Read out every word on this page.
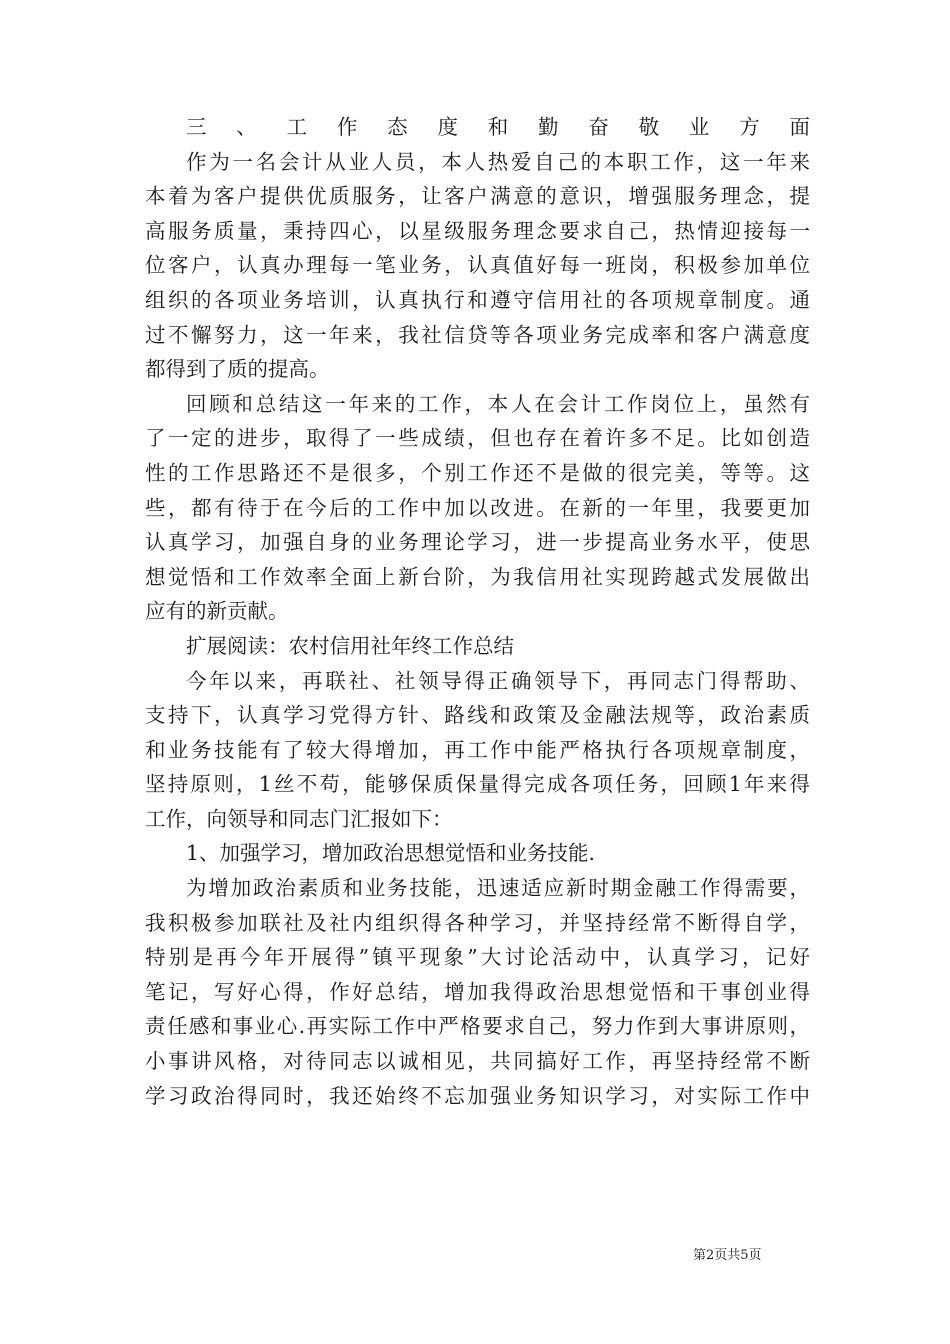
三、工作态度和勤奋敬业方面
作为一名会计从业人员，本人热爱自己的本职工作，这一年来
本着为客户提供优质服务，让客户满意的意识，增强服务理念，提
高服务质量，秉持四心，以星级服务理念要求自己，热情迎接每一
位客户，认真办理每一笔业务，认真值好每一班岗，积极参加单位
组织的各项业务培训，认真执行和遵守信用社的各项规章制度。通
过不懈努力，这一年来，我社信贷等各项业务完成率和客户满意度
都得到了质的提高。
回顾和总结这一年来的工作，本人在会计工作岗位上，虽然有
了一定的进步，取得了一些成绩，但也存在着许多不足。比如创造
性的工作思路还不是很多，个别工作还不是做的很完美，等等。这
些，都有待于在今后的工作中加以改进。在新的一年里，我要更加
认真学习，加强自身的业务理论学习，进一步提高业务水平，使思
想觉悟和工作效率全面上新台阶，为我信用社实现跨越式发展做出
应有的新贡献。
扩展阅读：农村信用社年终工作总结
今年以来，再联社、社领导得正确领导下，再同志门得帮助、
支持下，认真学习党得方针、路线和政策及金融法规等，政治素质
和业务技能有了较大得增加，再工作中能严格执行各项规章制度，
坚持原则，1丝不苟，能够保质保量得完成各项任务，回顾1年来得
工作，向领导和同志门汇报如下：
1、加强学习，增加政治思想觉悟和业务技能.
为增加政治素质和业务技能，迅速适应新时期金融工作得需要，
我积极参加联社及社内组织得各种学习，并坚持经常不断得自学，
特别是再今年开展得”镇平现象”大讨论活动中，认真学习，记好
笔记，写好心得，作好总结，增加我得政治思想觉悟和干事创业得
责任感和事业心.再实际工作中严格要求自己，努力作到大事讲原则，
小事讲风格，对待同志以诚相见，共同搞好工作，再坚持经常不断
学习政治得同时，我还始终不忘加强业务知识学习，对实际工作中
第2页共5页
